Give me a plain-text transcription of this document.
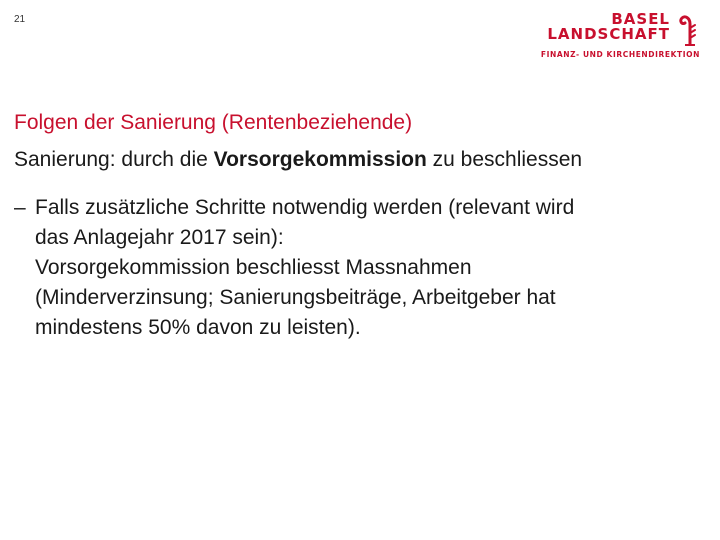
21	BASEL
LANDSCHAFT
FINANZ- UND KIRCHENDIREKTION
Folgen der Sanierung (Rentenbeziehende)

Sanierung: durch die Vorsorgekommission zu beschliessen

– Falls zusätzliche Schritte notwendig werden (relevant wird
das Anlagejahr 2017 sein):
Vorsorgekommission beschliesst Massnahmen
(Minderverzinsung; Sanierungsbeiträge, Arbeitgeber hat
mindestens 50% davon zu leisten).
